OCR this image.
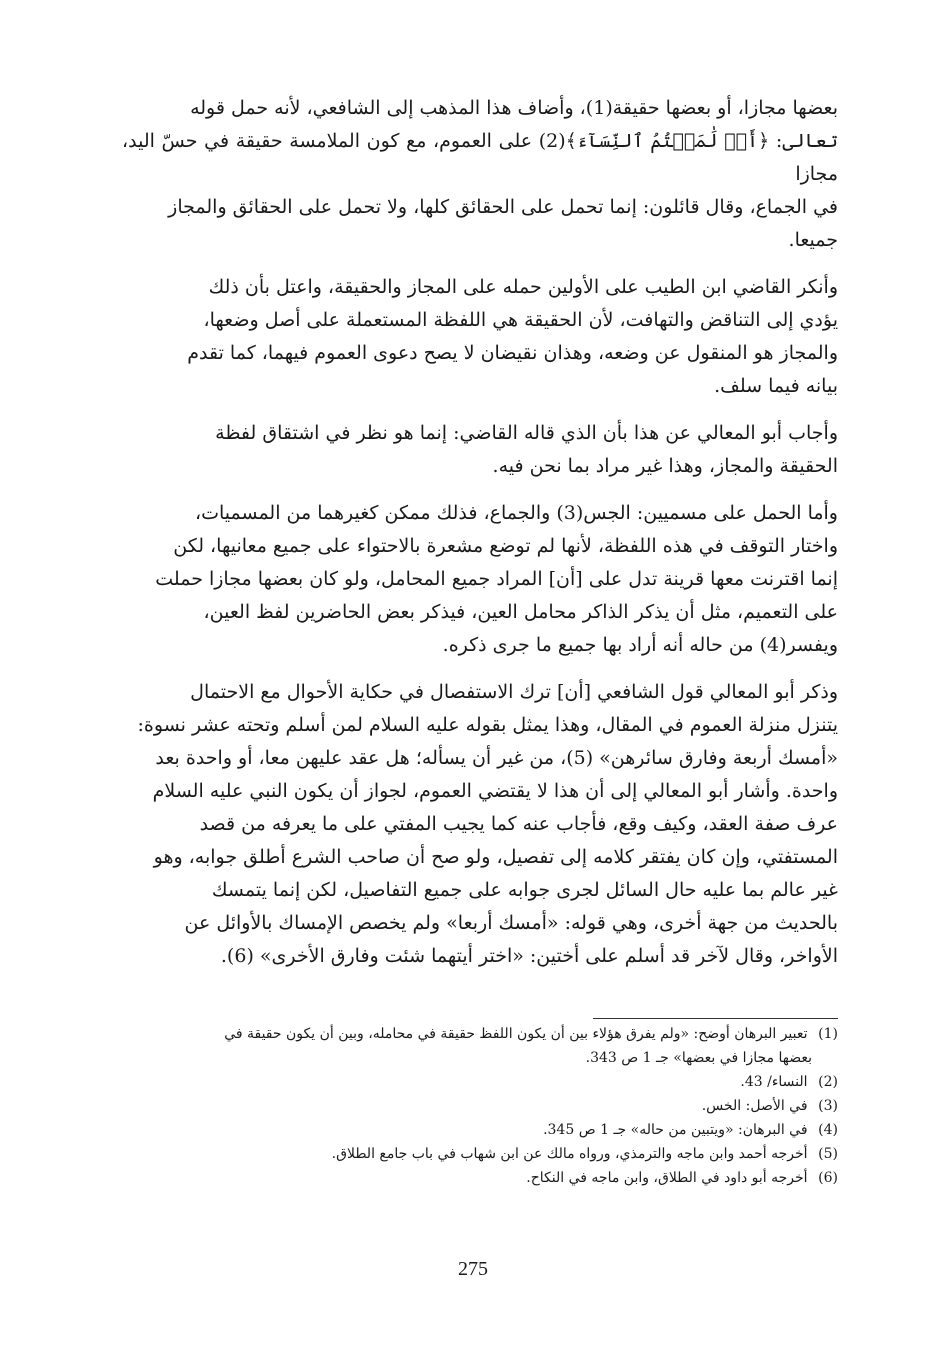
بعضها مجازا، أو بعضها حقيقة(1)، وأضاف هذا المذهب إلى الشافعي، لأنه حمل قوله
تعالى: ﴿أَوۡ لَٰمَسۡتُمُ ٱلنِّسَآءَ﴾(2) على العموم، مع كون الملامسة حقيقة في حسّ اليد، مجازا
في الجماع، وقال قائلون: إنما تحمل على الحقائق كلها، ولا تحمل على الحقائق والمجاز
جميعا.

وأنكر القاضي ابن الطيب على الأولين حمله على المجاز والحقيقة، واعتل بأن ذلك
يؤدي إلى التناقض والتهافت، لأن الحقيقة هي اللفظة المستعملة على أصل وضعها،
والمجاز هو المنقول عن وضعه، وهذان نقيضان لا يصح دعوى العموم فيهما، كما تقدم
بيانه فيما سلف.

وأجاب أبو المعالي عن هذا بأن الذي قاله القاضي: إنما هو نظر في اشتقاق لفظة
الحقيقة والمجاز، وهذا غير مراد بما نحن فيه.

وأما الحمل على مسميين: الجس(3) والجماع، فذلك ممكن كغيرهما من المسميات،
واختار التوقف في هذه اللفظة، لأنها لم توضع مشعرة بالاحتواء على جميع معانيها، لكن
إنما اقترنت معها قرينة تدل على [أن] المراد جميع المحامل، ولو كان بعضها مجازا حملت
على التعميم، مثل أن يذكر الذاكر محامل العين، فيذكر بعض الحاضرين لفظ العين،
ويفسر(4) من حاله أنه أراد بها جميع ما جرى ذكره.

وذكر أبو المعالي قول الشافعي [أن] ترك الاستفصال في حكاية الأحوال مع الاحتمال
يتنزل منزلة العموم في المقال، وهذا يمثل بقوله عليه السلام لمن أسلم وتحته عشر نسوة:
«أمسك أربعة وفارق سائرهن» (5)، من غير أن يسأله؛ هل عقد عليهن معا، أو واحدة بعد
واحدة. وأشار أبو المعالي إلى أن هذا لا يقتضي العموم، لجواز أن يكون النبي عليه السلام
عرف صفة العقد، وكيف وقع، فأجاب عنه كما يجيب المفتي على ما يعرفه من قصد
المستفتي، وإن كان يفتقر كلامه إلى تفصيل، ولو صح أن صاحب الشرع أطلق جوابه، وهو
غير عالم بما عليه حال السائل لجرى جوابه على جميع التفاصيل، لكن إنما يتمسك
بالحديث من جهة أخرى، وهي قوله: «أمسك أربعا» ولم يخصص الإمساك بالأوائل عن
الأواخر، وقال لآخر قد أسلم على أختين: «اختر أيتهما شئت وفارق الأخرى» (6).

(1) تعبير البرهان أوضح: «ولم يفرق هؤلاء بين أن يكون اللفظ حقيقة في محامله، وبين أن يكون حقيقة في
بعضها مجازا في بعضها» جـ 1 ص 343.
(2) النساء/ 43.
(3) في الأصل: الخس.
(4) في البرهان: «ويتبين من حاله» جـ 1 ص 345.
(5) أخرجه أحمد وابن ماجه والترمذي، ورواه مالك عن ابن شهاب في باب جامع الطلاق.
(6) أخرجه أبو داود في الطلاق، وابن ماجه في النكاح.
275
